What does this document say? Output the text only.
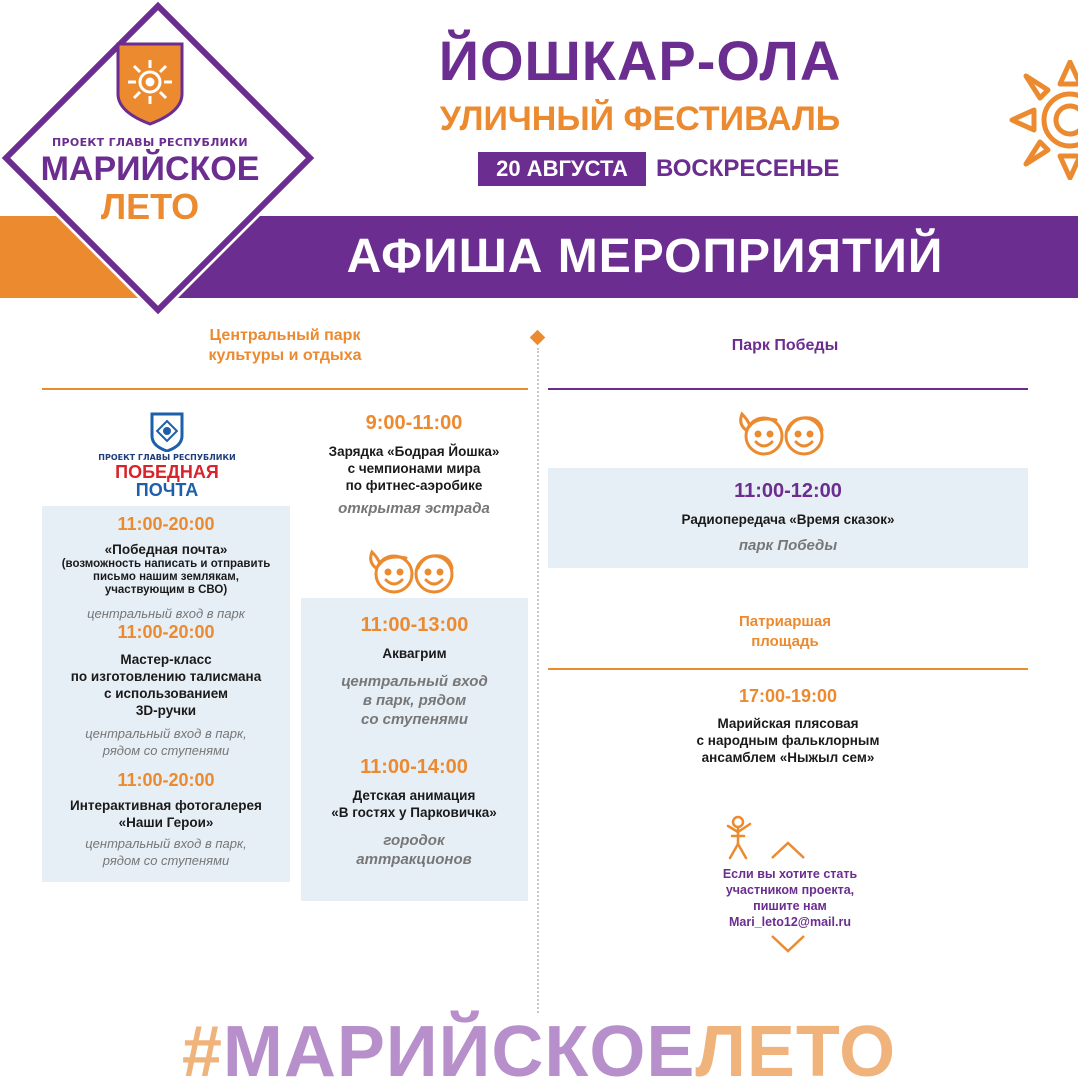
АФИША МЕРОПРИЯТИЙ
ПРОЕКТ ГЛАВЫ РЕСПУБЛИКИ
МАРИЙСКОЕ
ЛЕТО
ЙОШКАР-ОЛА
УЛИЧНЫЙ ФЕСТИВАЛЬ
20 АВГУСТА	ВОСКРЕСЕНЬЕ
Центральный парк
культуры и отдыха
Парк Победы
ПРОЕКТ ГЛАВЫ РЕСПУБЛИКИ
ПОБЕДНАЯ
ПОЧТА
11:00-20:00
«Победная почта»
(возможность написать и отправить
письмо нашим землякам,
участвующим в СВО)
центральный вход в парк
11:00-20:00
Мастер-класс
по изготовлению талисмана
с использованием
3D-ручки
центральный вход в парк,
рядом со ступенями
11:00-20:00
Интерактивная фотогалерея
«Наши Герои»
центральный вход в парк,
рядом со ступенями
9:00-11:00
Зарядка «Бодрая Йошка»
с чемпионами мира
по фитнес-аэробике
открытая эстрада
11:00-13:00
Аквагрим
центральный вход
в парк, рядом
со ступенями
11:00-14:00
Детская анимация
«В гостях у Парковичка»
городок
аттракционов
11:00-12:00
Радиопередача «Время сказок»
парк Победы
Патриаршая
площадь
17:00-19:00
Марийская плясовая
с народным фальклорным
ансамблем «Ныжыл сем»
Если вы хотите стать
участником проекта,
пишите нам
Mari_leto12@mail.ru
#МАРИЙСКОЕЛЕТО
